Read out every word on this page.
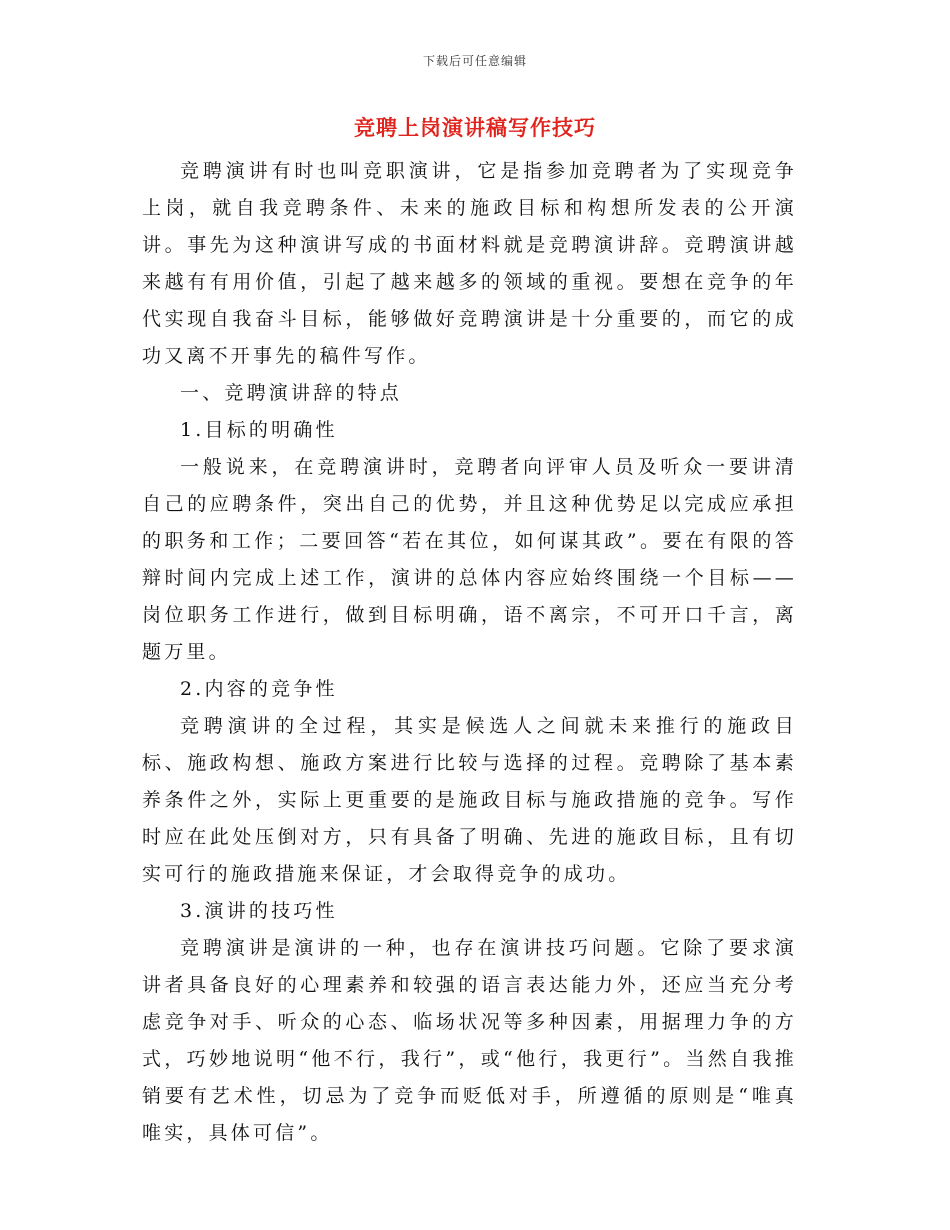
下载后可任意编辑
竞聘上岗演讲稿写作技巧

竞聘演讲有时也叫竞职演讲，它是指参加竞聘者为了实现竞争上岗，就自我竞聘条件、未来的施政目标和构想所发表的公开演讲。事先为这种演讲写成的书面材料就是竞聘演讲辞。竞聘演讲越来越有有用价值，引起了越来越多的领域的重视。要想在竞争的年代实现自我奋斗目标，能够做好竞聘演讲是十分重要的，而它的成功又离不开事先的稿件写作。

一、竞聘演讲辞的特点

1.目标的明确性

一般说来，在竞聘演讲时，竞聘者向评审人员及听众一要讲清自己的应聘条件，突出自己的优势，并且这种优势足以完成应承担的职务和工作；二要回答“若在其位，如何谋其政”。要在有限的答辩时间内完成上述工作，演讲的总体内容应始终围绕一个目标——岗位职务工作进行，做到目标明确，语不离宗，不可开口千言，离题万里。

2.内容的竞争性

竞聘演讲的全过程，其实是候选人之间就未来推行的施政目标、施政构想、施政方案进行比较与选择的过程。竞聘除了基本素养条件之外，实际上更重要的是施政目标与施政措施的竞争。写作时应在此处压倒对方，只有具备了明确、先进的施政目标，且有切实可行的施政措施来保证，才会取得竞争的成功。

3.演讲的技巧性

竞聘演讲是演讲的一种，也存在演讲技巧问题。它除了要求演讲者具备良好的心理素养和较强的语言表达能力外，还应当充分考虑竞争对手、听众的心态、临场状况等多种因素，用据理力争的方式，巧妙地说明“他不行，我行”，或“他行，我更行”。当然自我推销要有艺术性，切忌为了竞争而贬低对手，所遵循的原则是“唯真唯实，具体可信”。
